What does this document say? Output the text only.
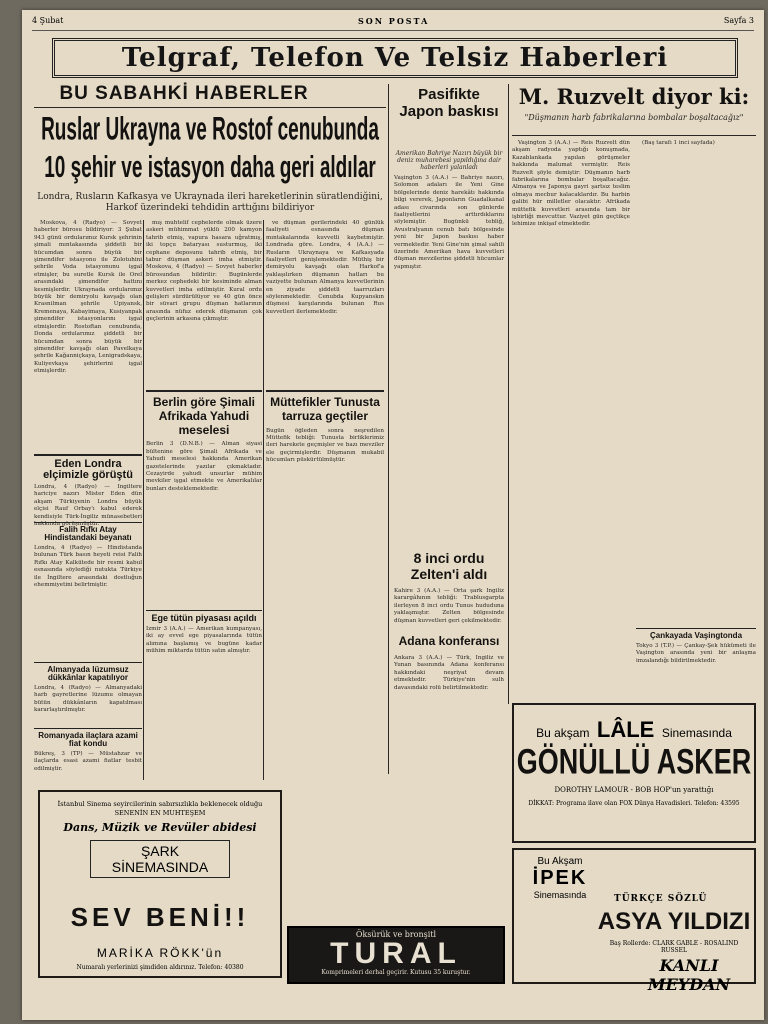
4 Şubat	SON POSTA	Sayfa 3
Telgraf, Telefon Ve Telsiz Haberleri
BU SABAHKİ HABERLER
Ruslar Ukrayna ve Rostof cenubunda
10 şehir ve istasyon daha geri aldılar
Londra, Rusların Kafkasya ve Ukraynada ileri hareketlerinin süratlendiğini, Harkof üzerindeki tehdidin arttığını bildiriyor

Moskova, 4 (Radyo) — Sovyet haberler bürosu bildiriyor: 3 Şubat 943 günü ordularımız Kursk şehrinin şimali mıntakasında şiddetli bir hücumdan sonra büyük bir şimendifer istasyonu ile Zolotuhini şehrile Voda istasyonunu işgal etmişler, bu suretle Kursk ile Orel arasındaki şimendifer hattını kesmişlerdir. Ukraynada ordularımız büyük bir demiryolu kavşağı olan Krasnilman şehrile Upiyansk, Kremenaya, Kabayimaya, Kusiyanpak şimendifer istasyonlarını işgal etmişlerdir. Rostoftan cenubunda, Donda ordularımız şiddetli bir hücumdan sonra büyük bir şimendifer kavşağı olan Pavelkaya şehrile Kağanniçkaya, Lenigradskaya, Kuliyevkaya şehirlerini işgal etmişlerdir.

mış muhtelif cephelerde olmak üzere askeri mühimmat yüklü 200 kamyon tahrib etmiş, vapura hasara uğratmış, iki topçu bataryası susturmuş, iki cephane deposunu tahrib etmiş, bir tabur düşman askeri imha etmiştir. Moskova, 4 (Radyo) — Sovyet haberler bürosundan bildirilir: Bugünlerde merkez cephedeki bir kesiminde alman kuvvetleri imha edilmiştir. Kural ordu gelişleri sürdürülüyor ve 40 gün önce bir süvari grupu düşman hatlarının arasında nüfuz ederek düşmanın çok geçlerinin arkasına çıkmıştır.

ve düşman gerilerindeki 40 günlük faaliyeti esnasında düşman mıntakalarında kuvvetli kaybetmiştir. Londrada göre. Londra, 4 (A.A.) — Rusların Ukraynaya ve Kafkasyada faaliyetleri genişlemektedir. Müthiş bir demiryolu kavşağı olan Harkof'a yaklaşılırken düşmanın hatları bu vaziyette bulunan Almanya kuvvetlerinin en ziyade şiddetli taarruzları söylenmektedir. Cenubda Kupyanskın düşmesi karşılarında bulunan Rus kuvvetleri ilerlemektedir.

Eden Londra elçimizle görüştü
Londra, 4 (Radyo) — İngiltere hariciye nazırı Mister Eden dün akşam Türkiyenin Londra büyük elçisi Rauf Orbay'ı kabul ederek kendisiyle Türk-İngiliz münasebetleri hakkında görüşmüştür.
Falih Rıfkı Atay Hindistandaki beyanatı
Londra, 4 (Radyo) — Hindistanda bulunan Türk basın heyeti reisi Falih Rıfkı Atay Kalkütede bir resmi kabul esnasında söylediği nutukta Türkiye ile İngiltere arasındaki dostluğun ehemmiyetini belirtmiştir.
Almanyada lüzumsuz dükkânlar kapatılıyor
Londra, 4 (Radyo) — Almanyadaki harb gayretlerine lüzumu olmayan bütün dükkânların kapatılması kararlaştırılmıştır.
Romanyada ilaçlara azami fiat kondu
Bükreş, 3 (TP) — Müstahzar ve ilaçlarda esasi azami fiatlar tesbit edilmiştir.
Berlin göre Şimali Afrikada Yahudi meselesi
Berlin 3 (D.N.B.) — Alman siyasi bültenine göre Şimali Afrikada ve Yahudi meselesi hakkında Amerikan gazetelerinde yazılar çıkmaktadır. Cezayirde yahudi unsurlar mühim mevkiler işgal etmekte ve Amerikalılar bunları desteklemektedir.
Ege tütün piyasası açıldı
İzmir 3 (A.A.) — Amerikan kumpanyası, iki ay evvel ege piyasalarında tütün alımına başlamış ve bugüne kadar mühim miktarda tütün satın almıştır.
Müttefikler Tunusta tarruza geçtiler
Bugün öğleden sonra neşredilen Müttefik tebliği: Tunusta birliklerimiz ileri harekete geçmişler ve bazı mevziler ele geçirmişlerdir. Düşmanın mukabil hücumları püskürtülmüştür.
Pasifikte Japon baskısı
Amerikan Bahriye Nazırı büyük bir deniz muharebesi yapıldığına dair haberleri yalanladı
Vaşington 3 (A.A.) — Bahriye nazırı, Solomon adaları ile Yeni Gine bölgelerinde deniz harekâtı hakkında bilgi vererek, Japonların Guadalkanal adası civarında son günlerde faaliyetlerini arttırdıklarını söylemiştir. Bugünkü tebliğ, Avustralyanın cenub batı bölgesinde yeni bir Japon baskısı haber vermektedir. Yeni Gine'nin şimal sahili üzerinde Amerikan hava kuvvetleri düşman mevzilerine şiddetli hücumlar yapmıştır.
8 inci ordu Zelten'i aldı
Kahire 3 (A.A.) — Orta şark İngiliz karargâhının tebliği: Trablusgarpta ilerleyen 8 inci ordu Tunus hududuna yaklaşmıştır. Zelten bölgesinde düşman kuvvetleri geri çekilmektedir.
Adana konferansı
Ankara 3 (A.A.) — Türk, İngiliz ve Yunan basınında Adana konferansı hakkındaki neşriyat devam etmektedir. Türkiye'nin sulh davasındaki rolü belirtilmektedir.
M. Ruzvelt diyor ki:
"Düşmanın harb fabrikalarına bombalar boşaltacağız"

Vaşington 3 (A.A.) — Reis Ruzvelt dün akşam radyoda yaptığı konuşmada, Kazablankada yapılan görüşmeler hakkında malumat vermiştir. Reis Ruzvelt şöyle demiştir: Düşmanın harb fabrikalarına bombalar boşaltacağız. Almanya ve Japonya gayri şartsız teslim olmaya mecbur kalacaklardır. Bu harbin galibi hür milletler olacaktır. Afrikada müttefik kuvvetleri arasında tam bir işbirliği mevcuttur. Vaziyet gün geçtikçe lehimize inkişaf etmektedir.

(Baş tarafı 1 inci sayfada)

Çankayada Vaşingtonda
Tokyo 3 (T.P.) — Çankay-Şek hükümeti ile Vaşington arasında yeni bir anlaşma imzalandığı bildirilmektedir.
Bu akşam LÂLE Sinemasında
GÖNÜLLÜ ASKER
DOROTHY LAMOUR - BOB HOP'un yarattığı
DİKKAT: Programa ilave olan FOX Dünya Havadisleri. Telefon: 43595
Bu Akşam
İPEK
Sinemasında	TÜRKÇE SÖZLÜ
ASYA YILDIZI
Baş Rollerde: CLARK GABLE - ROSALIND RUSSEL
KANLI MEYDAN
İstanbul Sinema seyircilerinin sabırsızlıkla beklenecek olduğu SENENİN EN MUHTEŞEM
Dans, Müzik ve Revüler abidesi
ŞARK SİNEMASINDA
SEV BENİ!!
MARİKA RÖKK'ün
Numaralı yerlerinizi şimdiden aldırınız. Telefon: 40380
Öksürük ve bronşitl
TURAL
Komprimeleri derhal geçirir. Kutusu 35 kuruştur.
